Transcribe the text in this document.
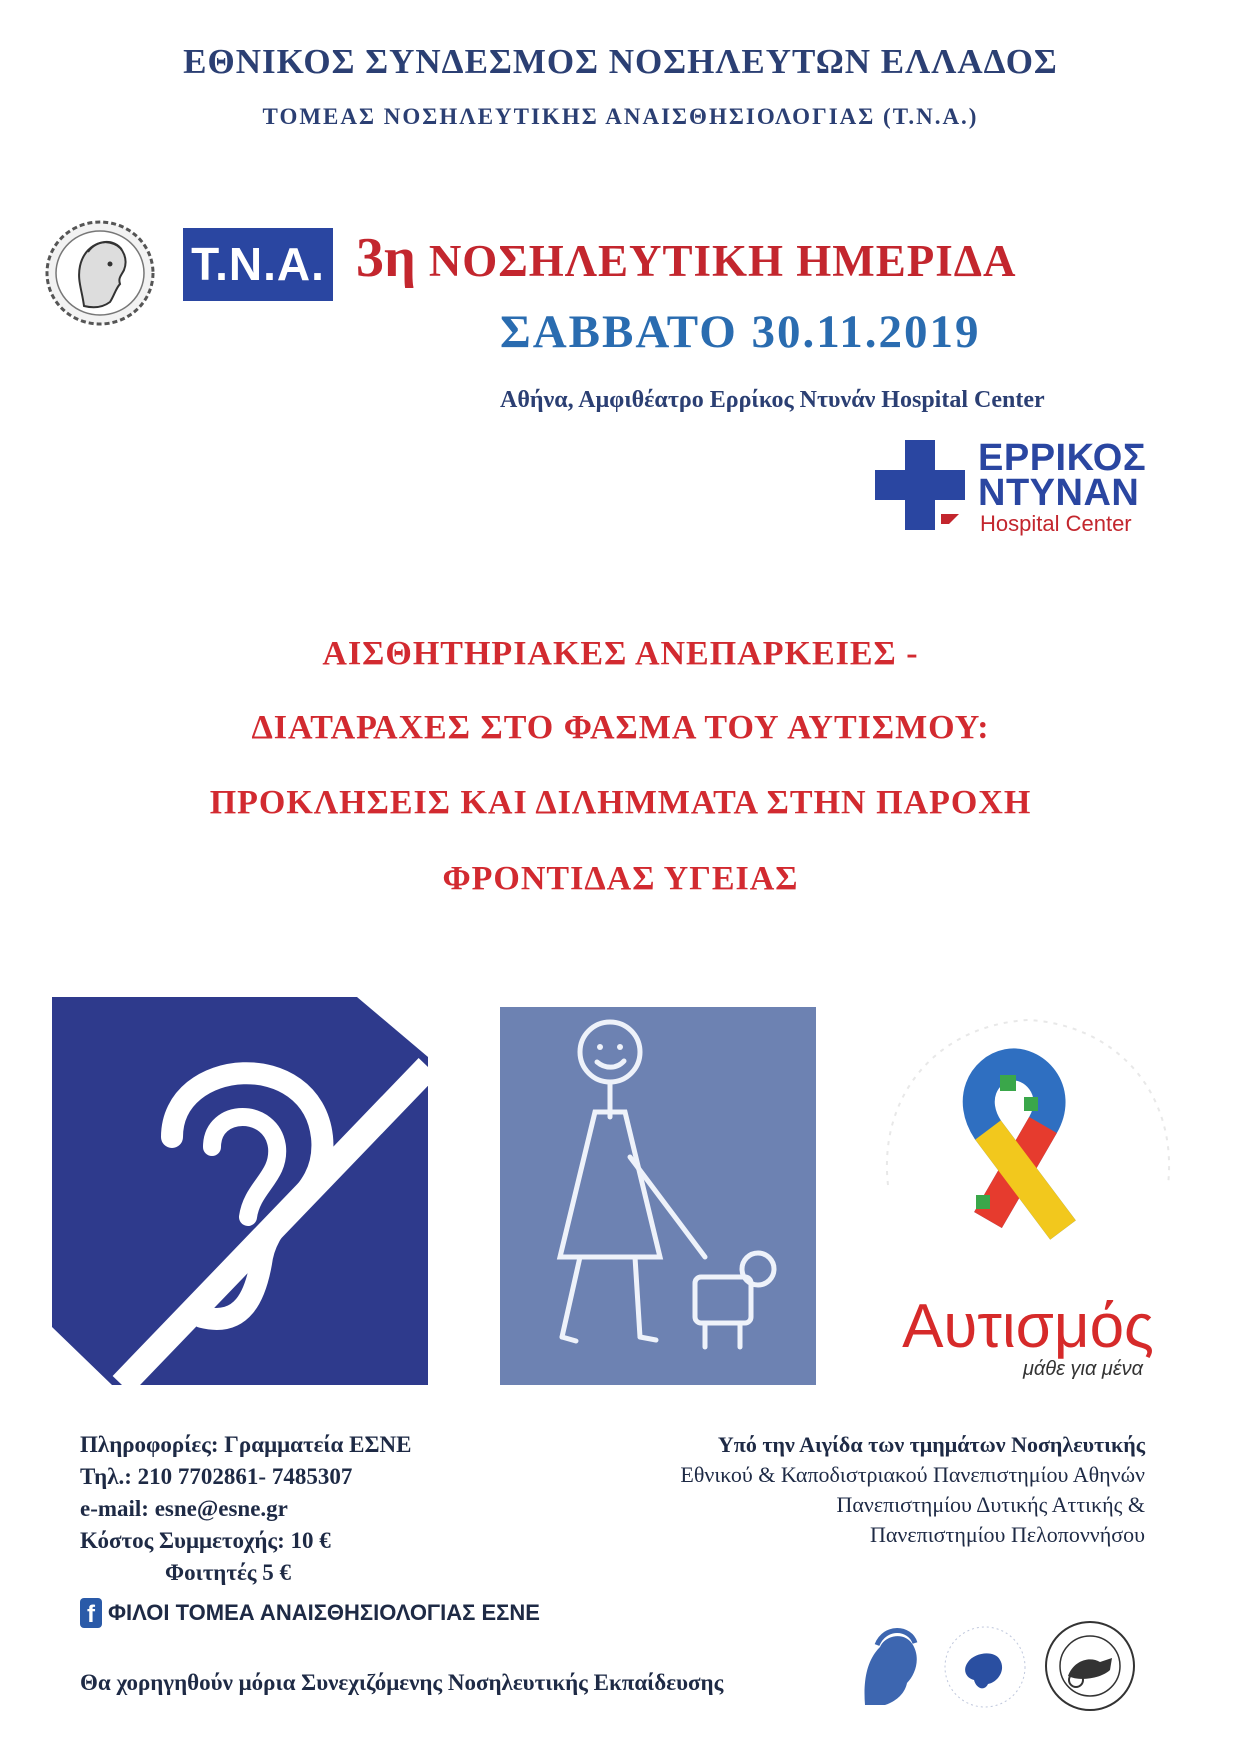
ΕΘΝΙΚΟΣ ΣΥΝΔΕΣΜΟΣ ΝΟΣΗΛΕΥΤΩΝ ΕΛΛΑΔΟΣ
ΤΟΜΕΑΣ ΝΟΣΗΛΕΥΤΙΚΗΣ ΑΝΑΙΣΘΗΣΙΟΛΟΓΙΑΣ (Τ.Ν.Α.)
T.N.A. 3η ΝΟΣΗΛΕΥΤΙΚΗ ΗΜΕΡΙΔΑ
ΣΑΒΒΑΤΟ 30.11.2019
Αθήνα, Αμφιθέατρο Ερρίκος Ντυνάν Hospital Center
ΕΡΡΙΚΟΣ
ΝΤΥΝΑΝ
Hospital Center
ΑΙΣΘΗΤΗΡΙΑΚΕΣ ΑΝΕΠΑΡΚΕΙΕΣ -
ΔΙΑΤΑΡΑΧΕΣ ΣΤΟ ΦΑΣΜΑ ΤΟΥ ΑΥΤΙΣΜΟΥ:
ΠΡΟΚΛΗΣΕΙΣ ΚΑΙ ΔΙΛΗΜΜΑΤΑ ΣΤΗΝ ΠΑΡΟΧΗ
ΦΡΟΝΤΙΔΑΣ ΥΓΕΙΑΣ
Αυτισμός
μάθε για μένα
Πληροφορίες: Γραμματεία ΕΣΝΕ
Τηλ.: 210 7702861- 7485307
e-mail: esne@esne.gr
Κόστος Συμμετοχής: 10 €
Φοιτητές 5 €
Υπό την Αιγίδα των τμημάτων Νοσηλευτικής
Εθνικού & Καποδιστριακού Πανεπιστημίου Αθηνών
Πανεπιστημίου Δυτικής Αττικής &
Πανεπιστημίου Πελοποννήσου
f ΦΙΛΟΙ ΤΟΜΕΑ ΑΝΑΙΣΘΗΣΙΟΛΟΓΙΑΣ ΕΣΝΕ
Θα χορηγηθούν μόρια Συνεχιζόμενης Νοσηλευτικής Εκπαίδευσης
